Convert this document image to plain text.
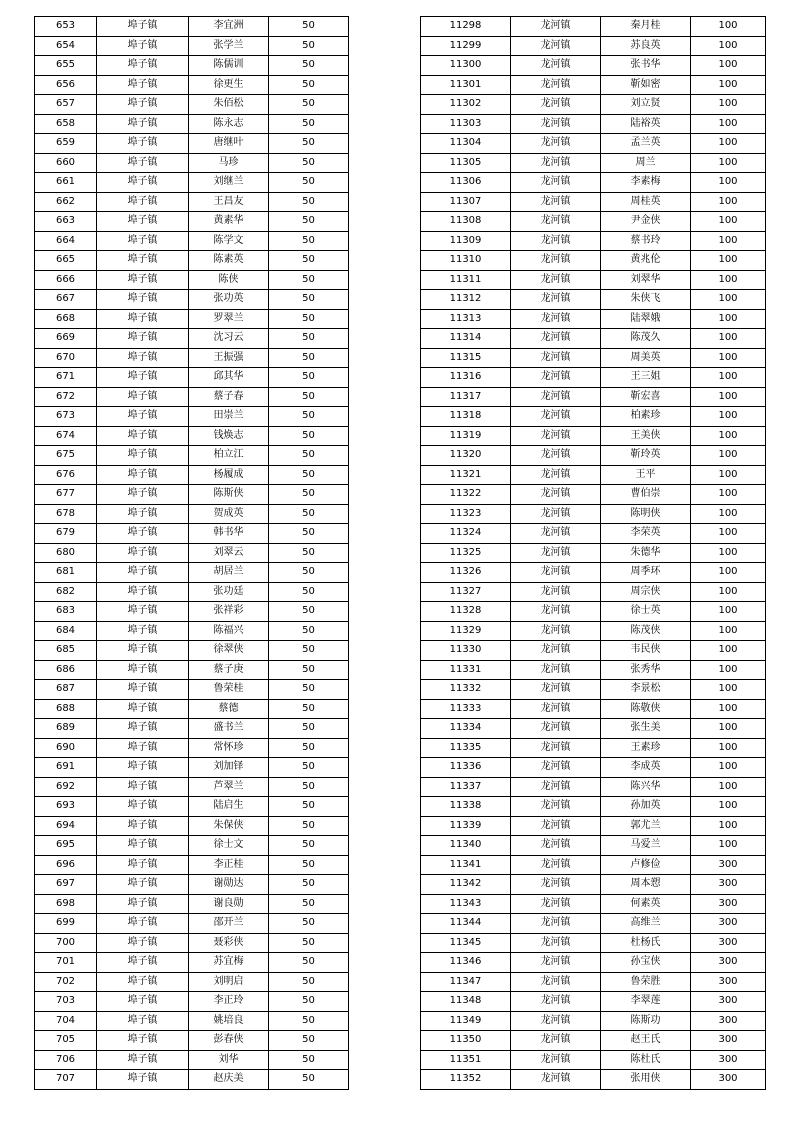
653	埠子镇	李宜洲	50
654	埠子镇	张学兰	50
655	埠子镇	陈儒训	50
656	埠子镇	徐更生	50
657	埠子镇	朱佰松	50
658	埠子镇	陈永志	50
659	埠子镇	唐继叶	50
660	埠子镇	马珍	50
661	埠子镇	刘继兰	50
662	埠子镇	王昌友	50
663	埠子镇	黄素华	50
664	埠子镇	陈学文	50
665	埠子镇	陈素英	50
666	埠子镇	陈侠	50
667	埠子镇	张功英	50
668	埠子镇	罗翠兰	50
669	埠子镇	沈习云	50
670	埠子镇	王振强	50
671	埠子镇	邱其华	50
672	埠子镇	蔡子春	50
673	埠子镇	田崇兰	50
674	埠子镇	钱焕志	50
675	埠子镇	柏立江	50
676	埠子镇	杨履成	50
677	埠子镇	陈斯侠	50
678	埠子镇	贺成英	50
679	埠子镇	韩书华	50
680	埠子镇	刘翠云	50
681	埠子镇	胡居兰	50
682	埠子镇	张功廷	50
683	埠子镇	张祥彩	50
684	埠子镇	陈福兴	50
685	埠子镇	徐翠侠	50
686	埠子镇	蔡子庚	50
687	埠子镇	鲁荣桂	50
688	埠子镇	蔡德	50
689	埠子镇	盛书兰	50
690	埠子镇	常怀珍	50
691	埠子镇	刘加铎	50
692	埠子镇	芦翠兰	50
693	埠子镇	陆启生	50
694	埠子镇	朱保侠	50
695	埠子镇	徐士文	50
696	埠子镇	李正桂	50
697	埠子镇	谢勋达	50
698	埠子镇	谢良勋	50
699	埠子镇	邵开兰	50
700	埠子镇	聂彩侠	50
701	埠子镇	苏宜梅	50
702	埠子镇	刘明启	50
703	埠子镇	李正玲	50
704	埠子镇	姚培良	50
705	埠子镇	彭春侠	50
706	埠子镇	刘华	50
707	埠子镇	赵庆美	50
11298	龙河镇	秦月桂	100
11299	龙河镇	苏良英	100
11300	龙河镇	张书华	100
11301	龙河镇	靳如密	100
11302	龙河镇	刘立贤	100
11303	龙河镇	陆裕英	100
11304	龙河镇	孟兰英	100
11305	龙河镇	周兰	100
11306	龙河镇	李素梅	100
11307	龙河镇	周桂英	100
11308	龙河镇	尹金侠	100
11309	龙河镇	蔡书玲	100
11310	龙河镇	黄兆伦	100
11311	龙河镇	刘翠华	100
11312	龙河镇	朱侠飞	100
11313	龙河镇	陆翠娥	100
11314	龙河镇	陈茂久	100
11315	龙河镇	周美英	100
11316	龙河镇	王三姐	100
11317	龙河镇	靳宏喜	100
11318	龙河镇	柏素珍	100
11319	龙河镇	王美侠	100
11320	龙河镇	靳玲英	100
11321	龙河镇	王平	100
11322	龙河镇	曹伯崇	100
11323	龙河镇	陈明侠	100
11324	龙河镇	李荣英	100
11325	龙河镇	朱德华	100
11326	龙河镇	周季环	100
11327	龙河镇	周宗侠	100
11328	龙河镇	徐士英	100
11329	龙河镇	陈茂侠	100
11330	龙河镇	韦民侠	100
11331	龙河镇	张秀华	100
11332	龙河镇	李景松	100
11333	龙河镇	陈敬侠	100
11334	龙河镇	张生美	100
11335	龙河镇	王素珍	100
11336	龙河镇	李成英	100
11337	龙河镇	陈兴华	100
11338	龙河镇	孙加英	100
11339	龙河镇	郭尤兰	100
11340	龙河镇	马爱兰	100
11341	龙河镇	卢修俭	300
11342	龙河镇	周本愬	300
11343	龙河镇	何素英	300
11344	龙河镇	高维兰	300
11345	龙河镇	杜杨氏	300
11346	龙河镇	孙宝侠	300
11347	龙河镇	鲁荣胜	300
11348	龙河镇	李翠莲	300
11349	龙河镇	陈斯功	300
11350	龙河镇	赵王氏	300
11351	龙河镇	陈杜氏	300
11352	龙河镇	张用侠	300
